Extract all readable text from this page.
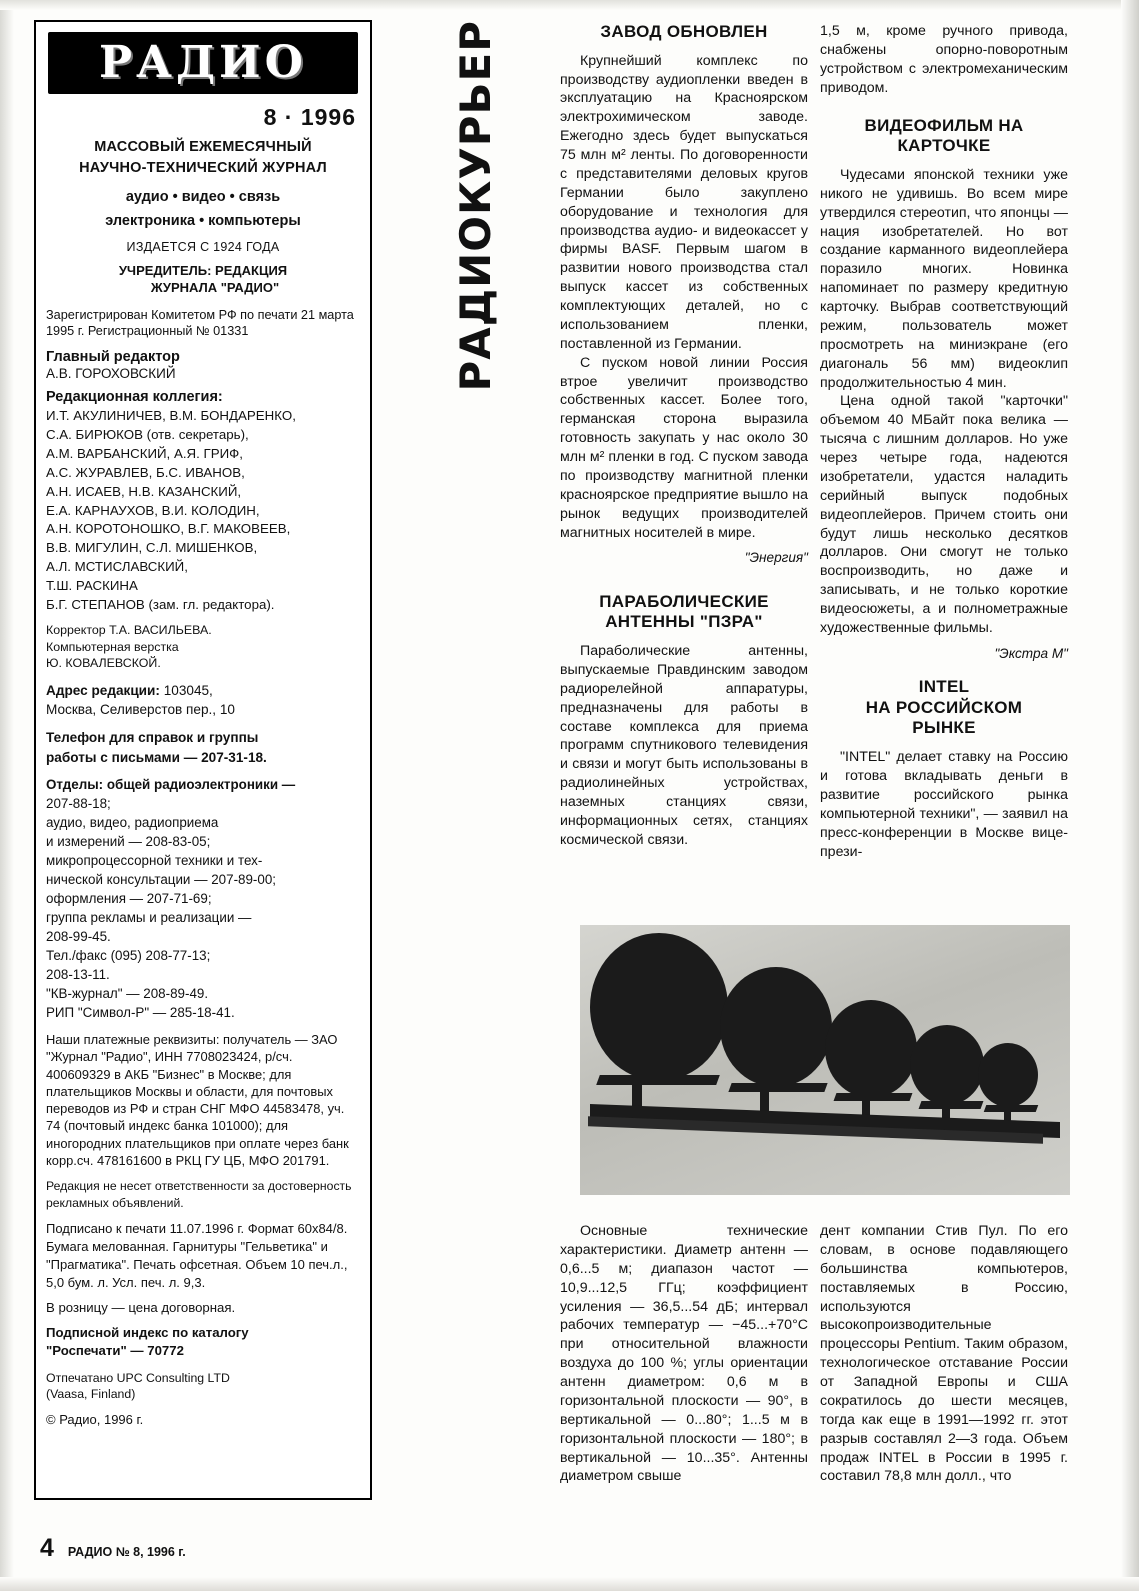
РАДИО
8 · 1996
МАССОВЫЙ ЕЖЕМЕСЯЧНЫЙ
НАУЧНО-ТЕХНИЧЕСКИЙ ЖУРНАЛ
аудио • видео • связь
электроника • компьютеры
ИЗДАЕТСЯ С 1924 ГОДА
УЧРЕДИТЕЛЬ: РЕДАКЦИЯ
ЖУРНАЛА "РАДИО"
Зарегистрирован Комитетом РФ по печати 21 марта 1995 г. Регистрационный № 01331
Главный редактор
А.В. ГОРОХОВСКИЙ
Редакционная коллегия:
И.Т. АКУЛИНИЧЕВ, В.М. БОНДАРЕНКО,
С.А. БИРЮКОВ (отв. секретарь),
А.М. ВАРБАНСКИЙ, А.Я. ГРИФ,
А.С. ЖУРАВЛЕВ, Б.С. ИВАНОВ,
А.Н. ИСАЕВ, Н.В. КАЗАНСКИЙ,
Е.А. КАРНАУХОВ, В.И. КОЛОДИН,
А.Н. КОРОТОНОШКО, В.Г. МАКОВЕЕВ,
В.В. МИГУЛИН, С.Л. МИШЕНКОВ,
А.Л. МСТИСЛАВСКИЙ,
Т.Ш. РАСКИНА
Б.Г. СТЕПАНОВ (зам. гл. редактора).
Корректор Т.А. ВАСИЛЬЕВА.
Компьютерная верстка
Ю. КОВАЛЕВСКОЙ.
Адрес редакции: 103045,
Москва, Селиверстов пер., 10
Телефон для справок и группы
работы с письмами — 207-31-18.
Отделы: общей радиоэлектроники —
207-88-18;
аудио, видео, радиоприема
и измерений — 208-83-05;
микропроцессорной техники и тех-
нической консультации — 207-89-00;
оформления — 207-71-69;
группа рекламы и реализации —
208-99-45.
Тел./факс (095) 208-77-13;
208-13-11.
"КВ-журнал" — 208-89-49.
РИП "Символ-Р" — 285-18-41.
Наши платежные реквизиты: получатель — ЗАО "Журнал "Радио", ИНН 7708023424, р/сч. 400609329 в АКБ "Бизнес" в Москве; для плательщиков Москвы и области, для почтовых переводов из РФ и стран СНГ МФО 44583478, уч. 74 (почтовый индекс банка 101000); для иногородних плательщиков при оплате через банк корр.сч. 478161600 в РКЦ ГУ ЦБ, МФО 201791.
Редакция не несет ответственности за достоверность рекламных объявлений.
Подписано к печати 11.07.1996 г. Формат 60х84/8. Бумага мелованная. Гарнитуры "Гельветика" и "Прагматика". Печать офсетная. Объем 10 печ.л., 5,0 бум. л. Усл. печ. л. 9,3.
В розницу — цена договорная.
Подписной индекс по каталогу
"Роспечати" — 70772
Отпечатано UPC Consulting LTD
(Vaasa, Finland)
© Радио, 1996 г.
РАДИОКУРЬЕР	ЗАВОД ОБНОВЛЕН

Крупнейший комплекс по производству аудиопленки введен в эксплуатацию на Красноярском электрохимическом заводе. Ежегодно здесь будет выпускаться 75 млн м² ленты. По договоренности с представителями деловых кругов Германии было закуплено оборудование и технология для производства аудио- и видеокассет у фирмы BASF. Первым шагом в развитии нового производства стал выпуск кассет из собственных комплектующих деталей, но с использованием пленки, поставленной из Германии.

С пуском новой линии Россия втрое увеличит производство собственных кассет. Более того, германская сторона выразила готовность закупать у нас около 30 млн м² пленки в год. С пуском завода по производству магнитной пленки красноярское предприятие вышло на рынок ведущих производителей магнитных носителей в мире.

"Энергия"
ПАРАБОЛИЧЕСКИЕ
АНТЕННЫ "ПЗРА"

Параболические антенны, выпускаемые Правдинским заводом радиорелейной аппаратуры, предназначены для работы в составе комплекса для приема программ спутникового телевидения и связи и могут быть использованы в радиолинейных устройствах, наземных станциях связи, информационных сетях, станциях космической связи.

1,5 м, кроме ручного привода, снабжены опорно-поворотным устройством с электромеханическим приводом.

ВИДЕОФИЛЬМ НА
КАРТОЧКЕ

Чудесами японской техники уже никого не удивишь. Во всем мире утвердился стереотип, что японцы — нация изобретателей. Но вот создание карманного видеоплейера поразило многих. Новинка напоминает по размеру кредитную карточку. Выбрав соответствующий режим, пользователь может просмотреть на миниэкране (его диагональ 56 мм) видеоклип продолжительностью 4 мин.

Цена одной такой "карточки" объемом 40 МБайт пока велика — тысяча с лишним долларов. Но уже через четыре года, надеются изобретатели, удастся наладить серийный выпуск подобных видеоплейеров. Причем стоить они будут лишь несколько десятков долларов. Они смогут не только воспроизводить, но даже и записывать, и не только короткие видеосюжеты, а и полнометражные художественные фильмы.

"Экстра М"
INTEL
НА РОССИЙСКОМ
РЫНКЕ

"INTEL" делает ставку на Россию и готова вкладывать деньги в развитие российского рынка компьютерной техники", — заявил на пресс-конференции в Москве вице-прези-

Основные технические характеристики. Диаметр антенн — 0,6...5 м; диапазон частот — 10,9...12,5 ГГц; коэффициент усиления — 36,5...54 дБ; интервал рабочих температур — −45...+70°С при относительной влажности воздуха до 100 %; углы ориентации антенн диаметром: 0,6 м в горизонтальной плоскости — 90°, в вертикальной — 0...80°; 1...5 м в горизонтальной плоскости — 180°; в вертикальной — 10...35°. Антенны диаметром свыше

дент компании Стив Пул. По его словам, в основе подавляющего большинства компьютеров, поставляемых в Россию, используются высокопроизводительные процессоры Pentium. Таким образом, технологическое отставание России от Западной Европы и США сократилось до шести месяцев, тогда как еще в 1991—1992 гг. этот разрыв составлял 2—3 года. Объем продаж INTEL в России в 1995 г. составил 78,8 млн долл., что

4 РАДИО № 8, 1996 г.
